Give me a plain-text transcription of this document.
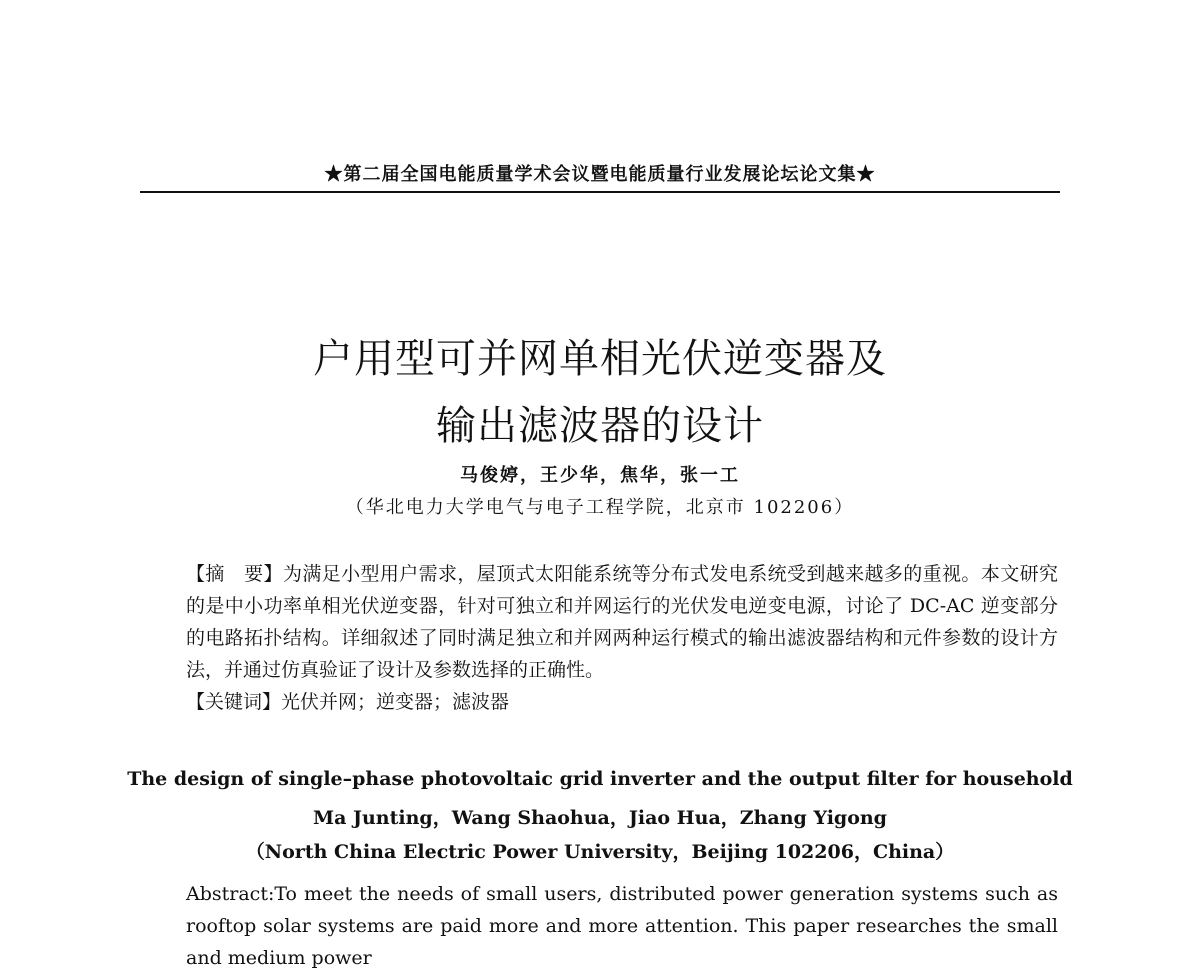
★第二届全国电能质量学术会议暨电能质量行业发展论坛论文集★
户用型可并网单相光伏逆变器及
输出滤波器的设计
马俊婷，王少华，焦华，张一工
（华北电力大学电气与电子工程学院，北京市 102206）

【摘　要】为满足小型用户需求，屋顶式太阳能系统等分布式发电系统受到越来越多的重视。本文研究的是中小功率单相光伏逆变器，针对可独立和并网运行的光伏发电逆变电源，讨论了 DC-AC 逆变部分的电路拓扑结构。详细叙述了同时满足独立和并网两种运行模式的输出滤波器结构和元件参数的设计方法，并通过仿真验证了设计及参数选择的正确性。

【关键词】光伏并网；逆变器；滤波器

The design of single–phase photovoltaic grid inverter and the output filter for household
Ma Junting，Wang Shaohua，Jiao Hua，Zhang Yigong
（North China Electric Power University，Beijing 102206，China）

Abstract:To meet the needs of small users, distributed power generation systems such as rooftop solar systems are paid more and more attention. This paper researches the small and medium power
